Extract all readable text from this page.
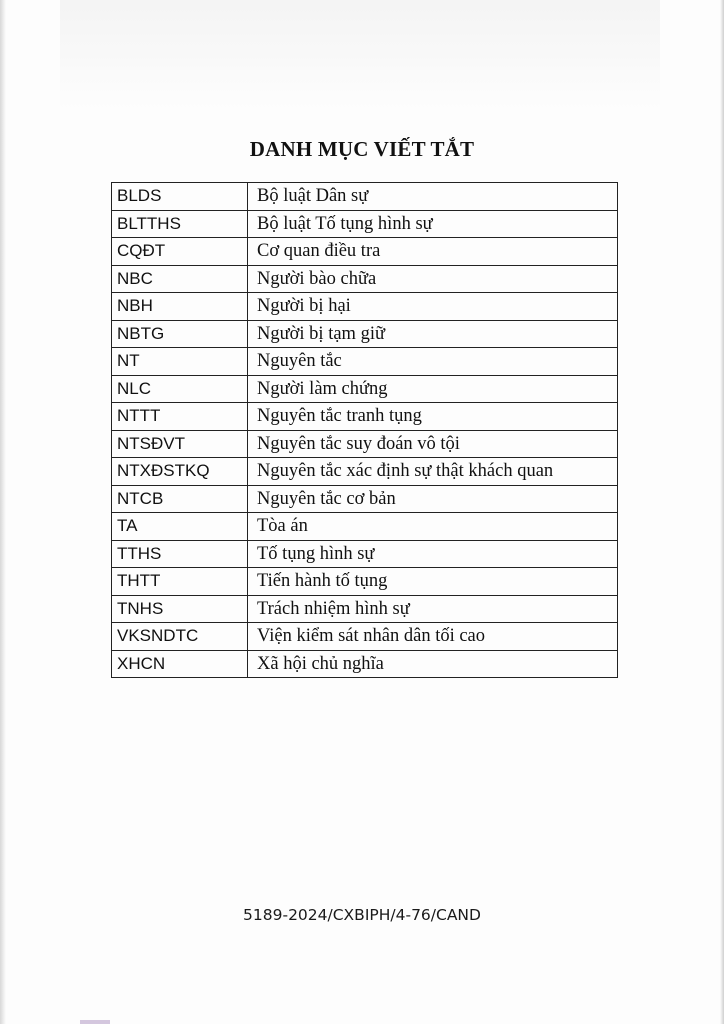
DANH MỤC VIẾT TẮT
BLDS	Bộ luật Dân sự
BLTTHS	Bộ luật Tố tụng hình sự
CQĐT	Cơ quan điều tra
NBC	Người bào chữa
NBH	Người bị hại
NBTG	Người bị tạm giữ
NT	Nguyên tắc
NLC	Người làm chứng
NTTT	Nguyên tắc tranh tụng
NTSĐVT	Nguyên tắc suy đoán vô tội
NTXĐSTKQ	Nguyên tắc xác định sự thật khách quan
NTCB	Nguyên tắc cơ bản
TA	Tòa án
TTHS	Tố tụng hình sự
THTT	Tiến hành tố tụng
TNHS	Trách nhiệm hình sự
VKSNDTC	Viện kiểm sát nhân dân tối cao
XHCN	Xã hội chủ nghĩa
5189-2024/CXBIPH/4-76/CAND
